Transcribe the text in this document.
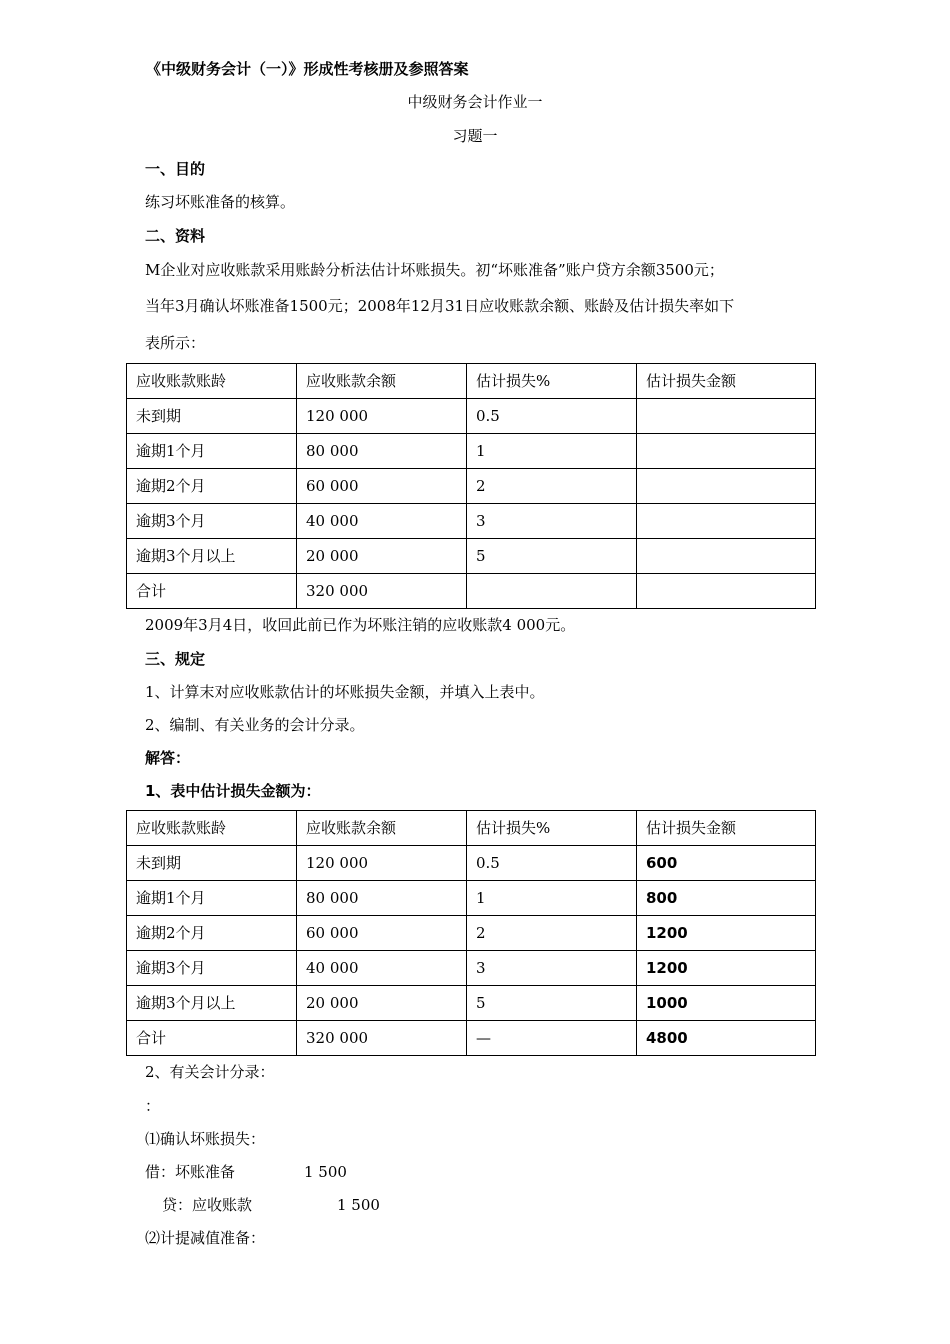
《中级财务会计（一）》形成性考核册及参照答案
中级财务会计作业一
习题一
一、目的
练习坏账准备的核算。
二、资料
M企业对应收账款采用账龄分析法估计坏账损失。初“坏账准备”账户贷方余额3500元；
当年3月确认坏账准备1500元；2008年12月31日应收账款余额、账龄及估计损失率如下
表所示：
应收账款账龄	应收账款余额	估计损失%	估计损失金额
未到期	120 000	0.5	
逾期1个月	80 000	1	
逾期2个月	60 000	2	
逾期3个月	40 000	3	
逾期3个月以上	20 000	5	
合计	320 000		
2009年3月4日，收回此前已作为坏账注销的应收账款4 000元。
三、规定
1、计算末对应收账款估计的坏账损失金额，并填入上表中。
2、编制、有关业务的会计分录。
解答：
1、表中估计损失金额为：
应收账款账龄	应收账款余额	估计损失%	估计损失金额
未到期	120 000	0.5	600
逾期1个月	80 000	1	800
逾期2个月	60 000	2	1200
逾期3个月	40 000	3	1200
逾期3个月以上	20 000	5	1000
合计	320 000	—	4800
2、有关会计分录：
：
⑴确认坏账损失：
借：坏账准备	1 500
贷：应收账款	1 500
⑵计提减值准备：
